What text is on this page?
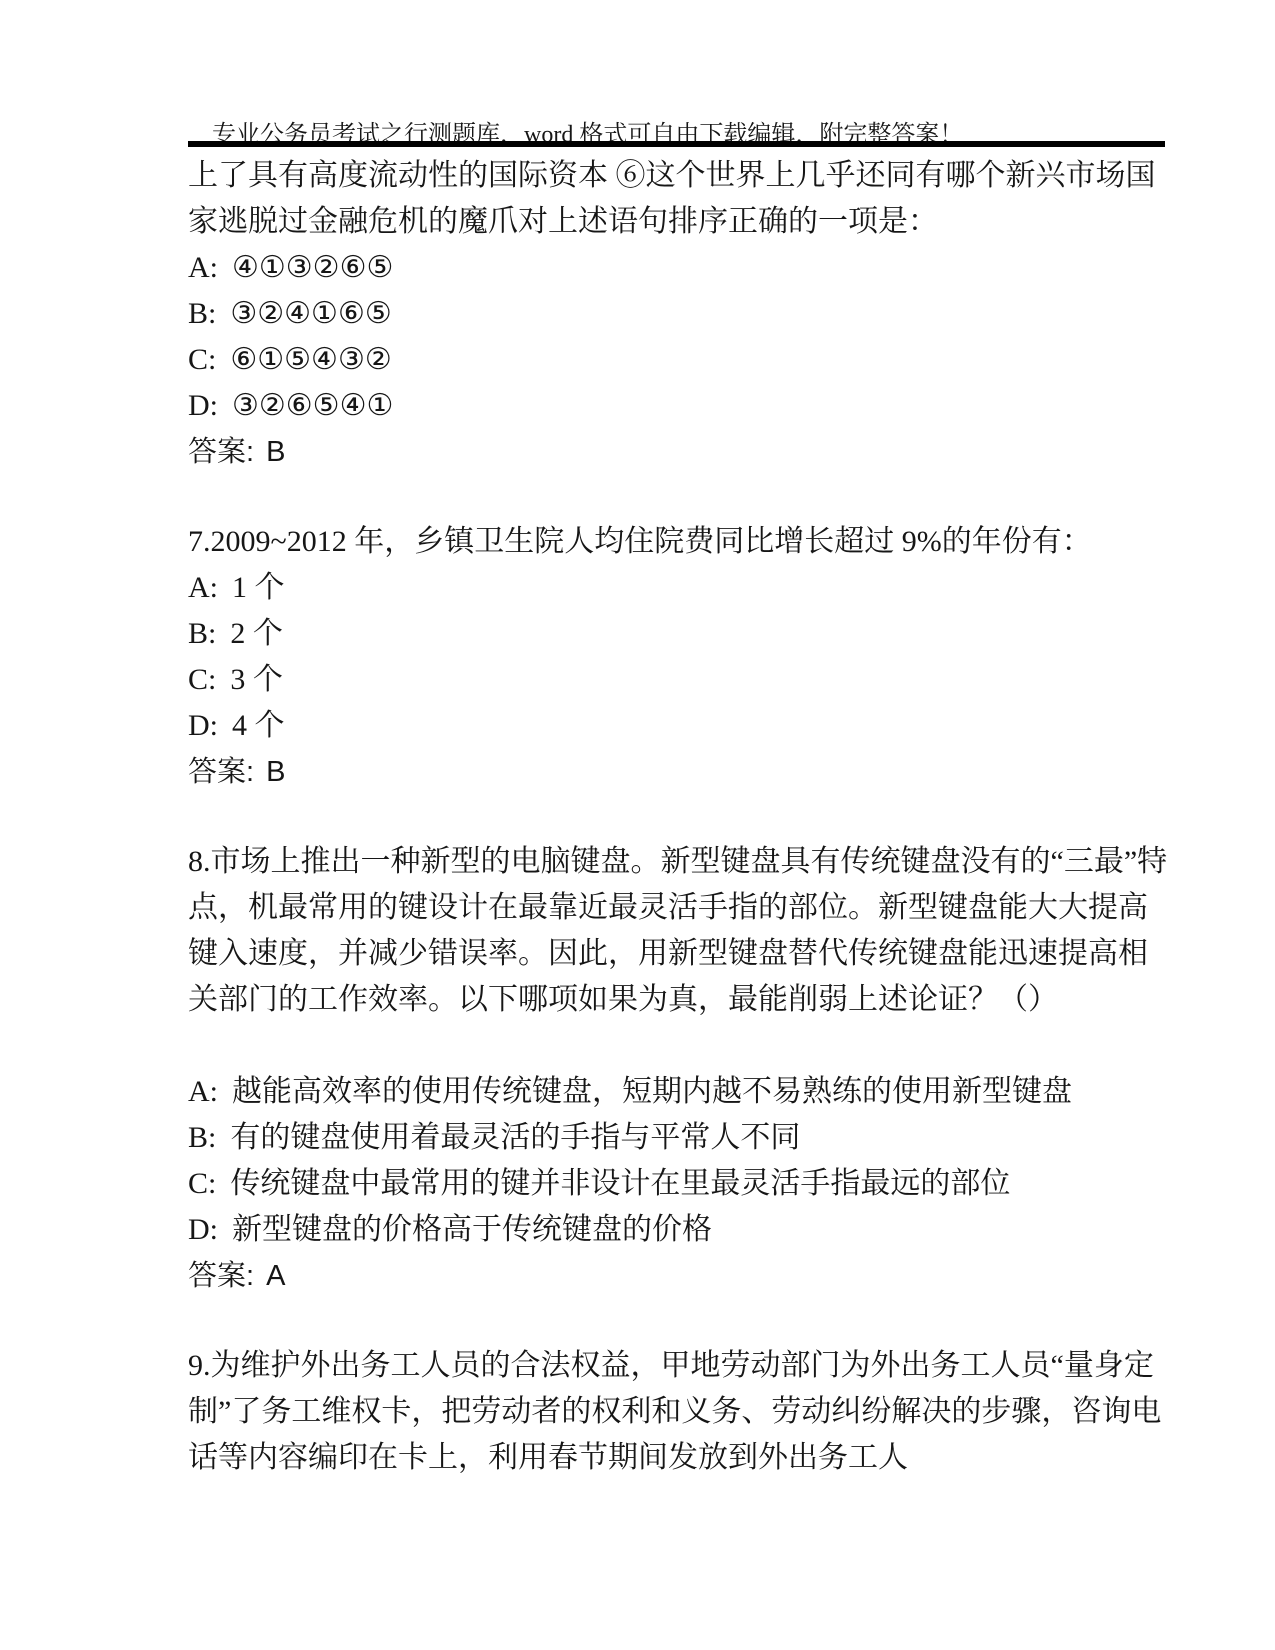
专业公务员考试之行测题库，word 格式可自由下载编辑，附完整答案！

上了具有高度流动性的国际资本 ⑥这个世界上几乎还同有哪个新兴市场国家逃脱过金融危机的魔爪对上述语句排序正确的一项是：

A: ④①③②⑥⑤

B: ③②④①⑥⑤

C: ⑥①⑤④③②

D: ③②⑥⑤④①

答案: B

7.2009~2012 年，乡镇卫生院人均住院费同比增长超过 9%的年份有：

A: 1 个

B: 2 个

C: 3 个

D: 4 个

答案: B

8.市场上推出一种新型的电脑键盘。新型键盘具有传统键盘没有的“三最”特点，机最常用的键设计在最靠近最灵活手指的部位。新型键盘能大大提高键入速度，并减少错误率。因此，用新型键盘替代传统键盘能迅速提高相关部门的工作效率。以下哪项如果为真，最能削弱上述论证？（）

A: 越能高效率的使用传统键盘，短期内越不易熟练的使用新型键盘

B: 有的键盘使用着最灵活的手指与平常人不同

C: 传统键盘中最常用的键并非设计在里最灵活手指最远的部位

D: 新型键盘的价格高于传统键盘的价格

答案: A

9.为维护外出务工人员的合法权益，甲地劳动部门为外出务工人员“量身定制”了务工维权卡，把劳动者的权利和义务、劳动纠纷解决的步骤，咨询电话等内容编印在卡上，利用春节期间发放到外出务工人
